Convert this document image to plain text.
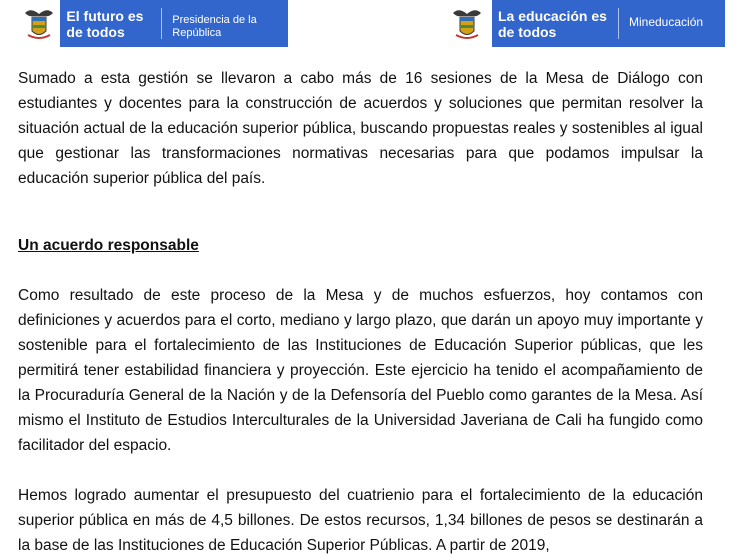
El futuro es de todos
Presidencia de la República
La educación es de todos
Mineducación

Sumado a esta gestión se llevaron a cabo más de 16 sesiones de la Mesa de Diálogo con estudiantes y docentes para la construcción de acuerdos y soluciones que permitan resolver la situación actual de la educación superior pública, buscando propuestas reales y sostenibles al igual que gestionar las transformaciones normativas necesarias para que podamos impulsar la educación superior pública del país.

Un acuerdo responsable

Como resultado de este proceso de la Mesa y de muchos esfuerzos, hoy contamos con definiciones y acuerdos para el corto, mediano y largo plazo, que darán un apoyo muy importante y sostenible para el fortalecimiento de las Instituciones de Educación Superior públicas, que les permitirá tener estabilidad financiera y proyección. Este ejercicio ha tenido el acompañamiento de la Procuraduría General de la Nación y de la Defensoría del Pueblo como garantes de la Mesa. Así mismo el Instituto de Estudios Interculturales de la Universidad Javeriana de Cali ha fungido como facilitador del espacio.

Hemos logrado aumentar el presupuesto del cuatrienio para el fortalecimiento de la educación superior pública en más de 4,5 billones. De estos recursos, 1,34 billones de pesos se destinarán a la base de las Instituciones de Educación Superior Públicas. A partir de 2019,
